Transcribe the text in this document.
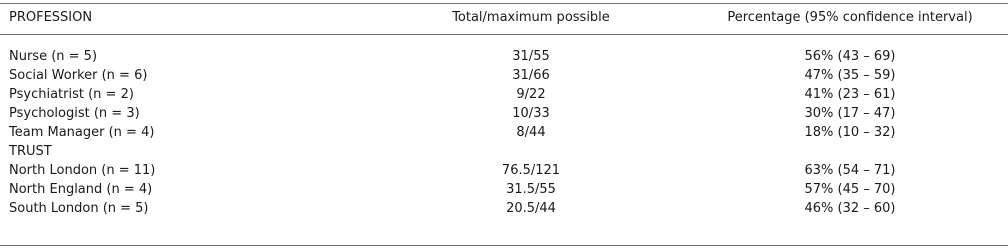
PROFESSION	Total/maximum possible	Percentage (95% confidence interval)
Nurse (n = 5)	31/55	56% (43 – 69)
Social Worker (n = 6)	31/66	47% (35 – 59)
Psychiatrist (n = 2)	9/22	41% (23 – 61)
Psychologist (n = 3)	10/33	30% (17 – 47)
Team Manager (n = 4)	8/44	18% (10 – 32)
TRUST
North London (n = 11)	76.5/121	63% (54 – 71)
North England (n = 4)	31.5/55	57% (45 – 70)
South London (n = 5)	20.5/44	46% (32 – 60)
